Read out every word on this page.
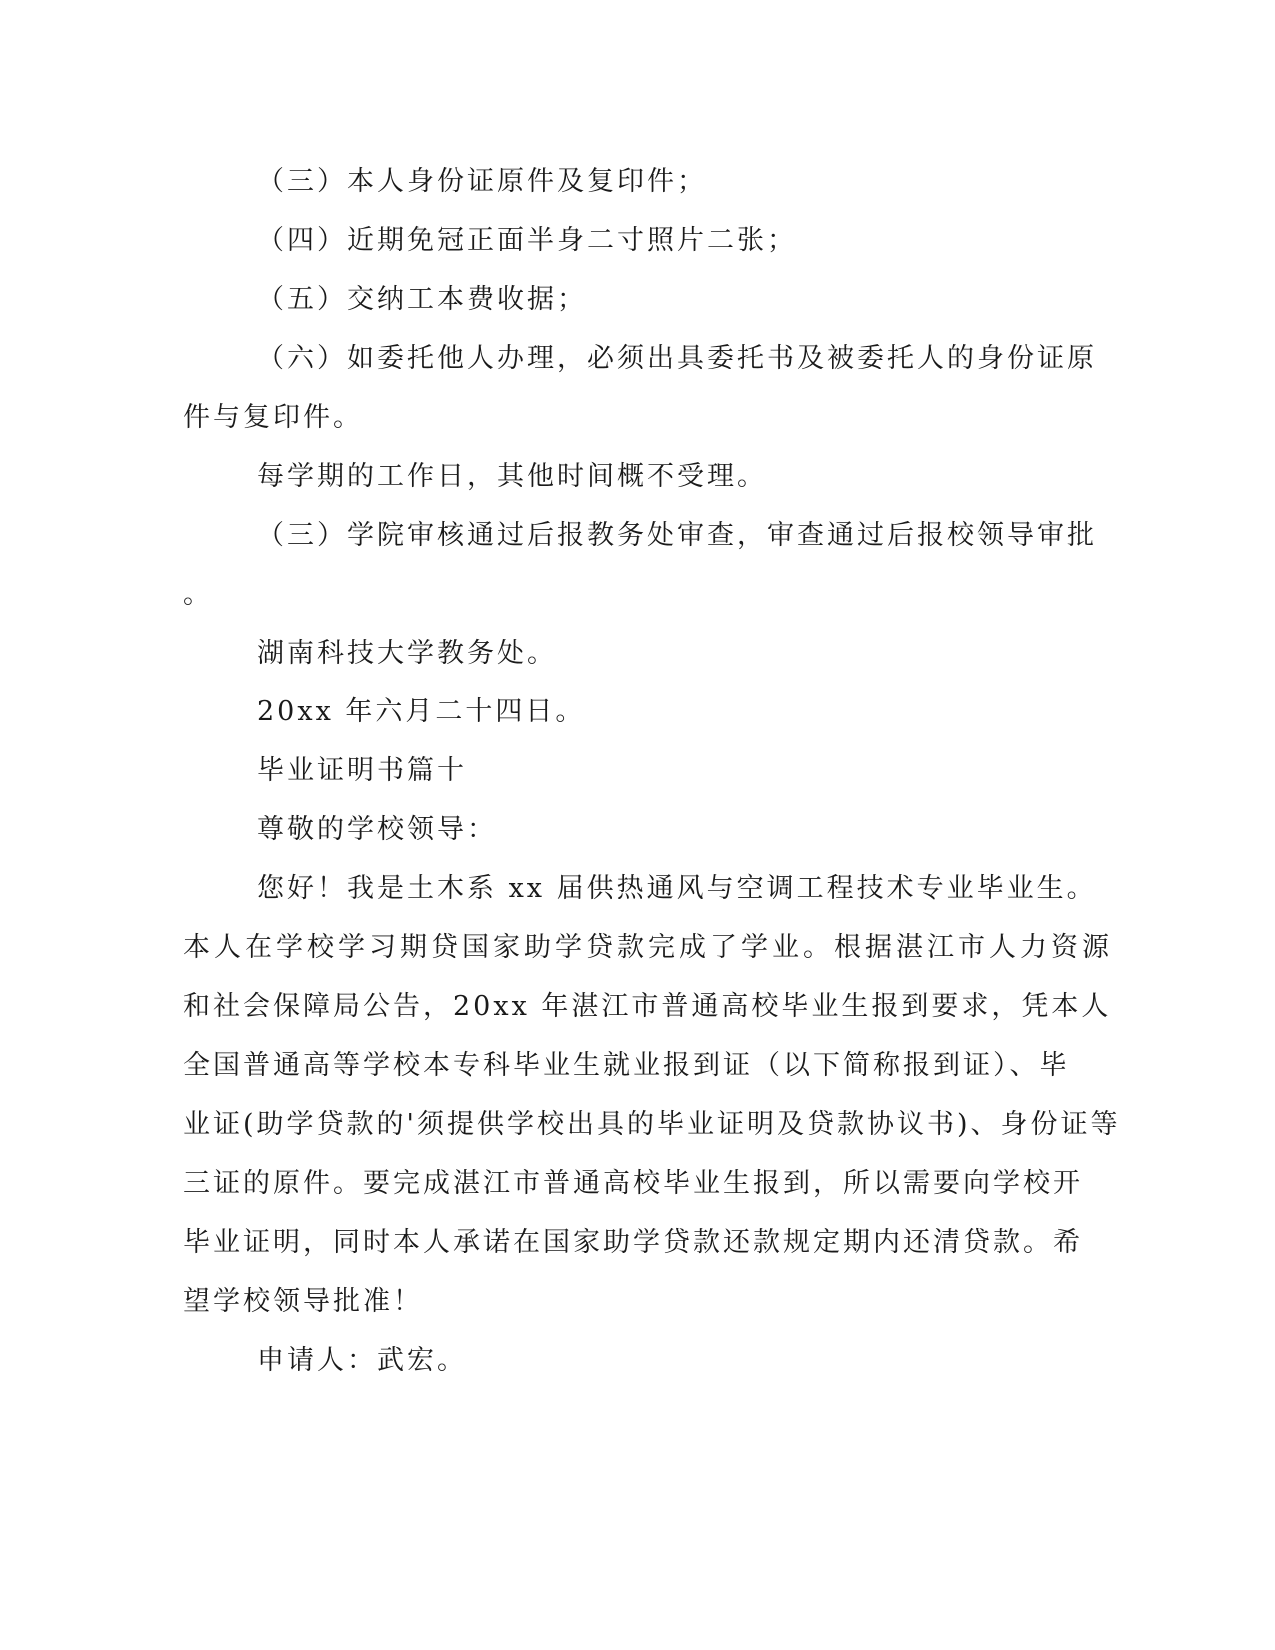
（三）本人身份证原件及复印件；
（四）近期免冠正面半身二寸照片二张；
（五）交纳工本费收据；
（六）如委托他人办理，必须出具委托书及被委托人的身份证原
件与复印件。
每学期的工作日，其他时间概不受理。
（三）学院审核通过后报教务处审查，审查通过后报校领导审批
。
湖南科技大学教务处。
20xx 年六月二十四日。
毕业证明书篇十
尊敬的学校领导：
您好！我是土木系 xx 届供热通风与空调工程技术专业毕业生。
本人在学校学习期贷国家助学贷款完成了学业。根据湛江市人力资源
和社会保障局公告，20xx 年湛江市普通高校毕业生报到要求，凭本人
全国普通高等学校本专科毕业生就业报到证（以下简称报到证）、毕
业证(助学贷款的'须提供学校出具的毕业证明及贷款协议书)、身份证等
三证的原件。要完成湛江市普通高校毕业生报到，所以需要向学校开
毕业证明，同时本人承诺在国家助学贷款还款规定期内还清贷款。希
望学校领导批准！
申请人：武宏。
